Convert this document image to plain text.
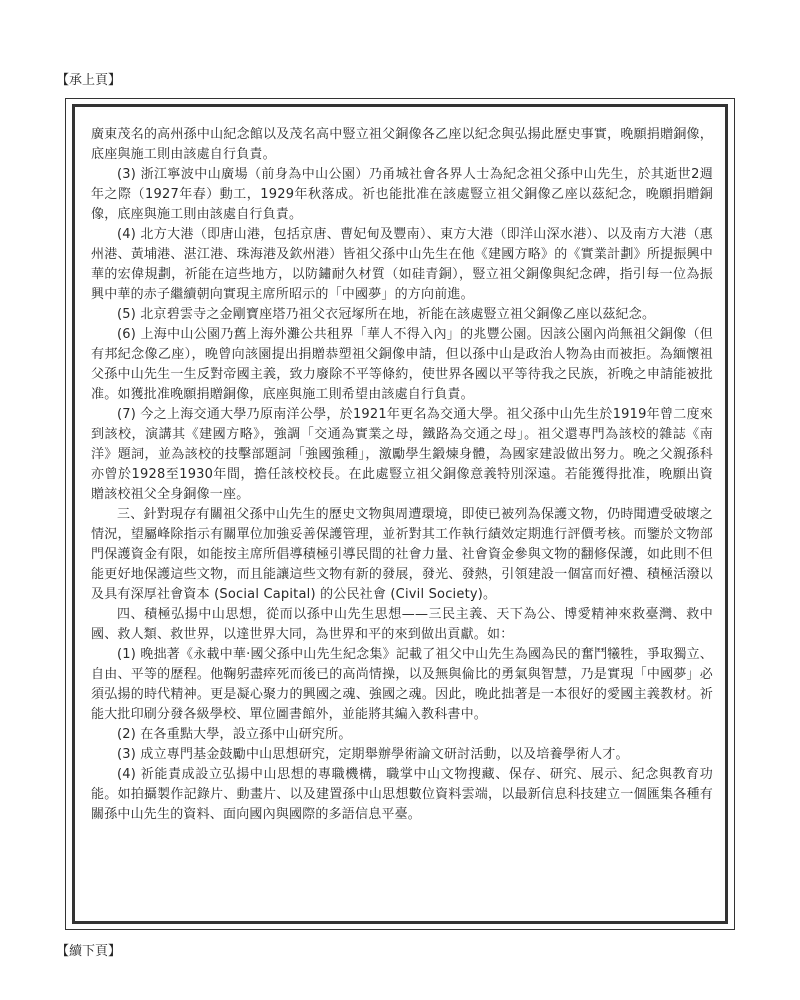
【承上頁】

廣東茂名的高州孫中山紀念館以及茂名高中豎立祖父銅像各乙座以紀念與弘揚此歷史事實，晚願捐贈銅像，底座與施工則由該處自行負責。

(3) 浙江寧波中山廣場（前身為中山公園）乃甬城社會各界人士為紀念祖父孫中山先生，於其逝世2週年之際（1927年春）動工，1929年秋落成。祈也能批准在該處豎立祖父銅像乙座以茲紀念，晚願捐贈銅像，底座與施工則由該處自行負責。

(4) 北方大港（即唐山港，包括京唐、曹妃甸及豐南）、東方大港（即洋山深水港）、以及南方大港（惠州港、黃埔港、湛江港、珠海港及欽州港）皆祖父孫中山先生在他《建國方略》的《實業計劃》所提振興中華的宏偉規劃，祈能在這些地方，以防鏽耐久材質（如硅青銅），豎立祖父銅像與紀念碑，指引每一位為振興中華的赤子繼續朝向實現主席所昭示的「中國夢」的方向前進。

(5) 北京碧雲寺之金剛寶座塔乃祖父衣冠塚所在地，祈能在該處豎立祖父銅像乙座以茲紀念。

(6) 上海中山公園乃舊上海外灘公共租界「華人不得入內」的兆豐公園。因該公園內尚無祖父銅像（但有邦紀念像乙座），晚曾向該園提出捐贈恭塑祖父銅像申請，但以孫中山是政治人物為由而被拒。為緬懷祖父孫中山先生一生反對帝國主義，致力廢除不平等條約，使世界各國以平等待我之民族，祈晚之申請能被批准。如獲批准晚願捐贈銅像，底座與施工則希望由該處自行負責。

(7) 今之上海交通大學乃原南洋公學，於1921年更名為交通大學。祖父孫中山先生於1919年曾二度來到該校，演講其《建國方略》，強調「交通為實業之母，鐵路為交通之母」。祖父還專門為該校的雜誌《南洋》題詞，並為該校的技擊部題詞「強國強種」，激勵學生鍛煉身體，為國家建設做出努力。晚之父親孫科亦曾於1928至1930年間，擔任該校校長。在此處豎立祖父銅像意義特別深遠。若能獲得批准，晚願出資贈該校祖父全身銅像一座。

三、針對現存有關祖父孫中山先生的歷史文物與周遭環境，即使已被列為保護文物，仍時聞遭受破壞之情況，望屬峰除指示有關單位加強妥善保護管理，並祈對其工作執行績效定期進行評價考核。而鑒於文物部門保護資金有限，如能按主席所倡導積極引導民間的社會力量、社會資金參與文物的翻修保護，如此則不但能更好地保護這些文物，而且能讓這些文物有新的發展，發光、發熱，引領建設一個富而好禮、積極活潑以及具有深厚社會資本 (Social Capital) 的公民社會 (Civil Society)。

四、積極弘揚中山思想，從而以孫中山先生思想——三民主義、天下為公、博愛精神來救臺灣、救中國、救人類、救世界，以達世界大同，為世界和平的來到做出貢獻。如：

(1) 晚拙著《永載中華‧國父孫中山先生紀念集》記載了祖父中山先生為國為民的奮鬥犧牲，爭取獨立、自由、平等的歷程。他鞠躬盡瘁死而後已的高尚情操，以及無與倫比的勇氣與智慧，乃是實現「中國夢」必須弘揚的時代精神。更是凝心聚力的興國之魂、強國之魂。因此，晚此拙著是一本很好的愛國主義教材。祈能大批印刷分發各級學校、單位圖書館外，並能將其編入教科書中。

(2) 在各重點大學，設立孫中山研究所。

(3) 成立專門基金鼓勵中山思想研究，定期舉辦學術論文研討活動，以及培養學術人才。

(4) 祈能責成設立弘揚中山思想的專職機構，職掌中山文物搜藏、保存、研究、展示、紀念與教育功能。如拍攝製作記錄片、動畫片、以及建置孫中山思想數位資料雲端，以最新信息科技建立一個匯集各種有關孫中山先生的資料、面向國內與國際的多語信息平臺。

【續下頁】
